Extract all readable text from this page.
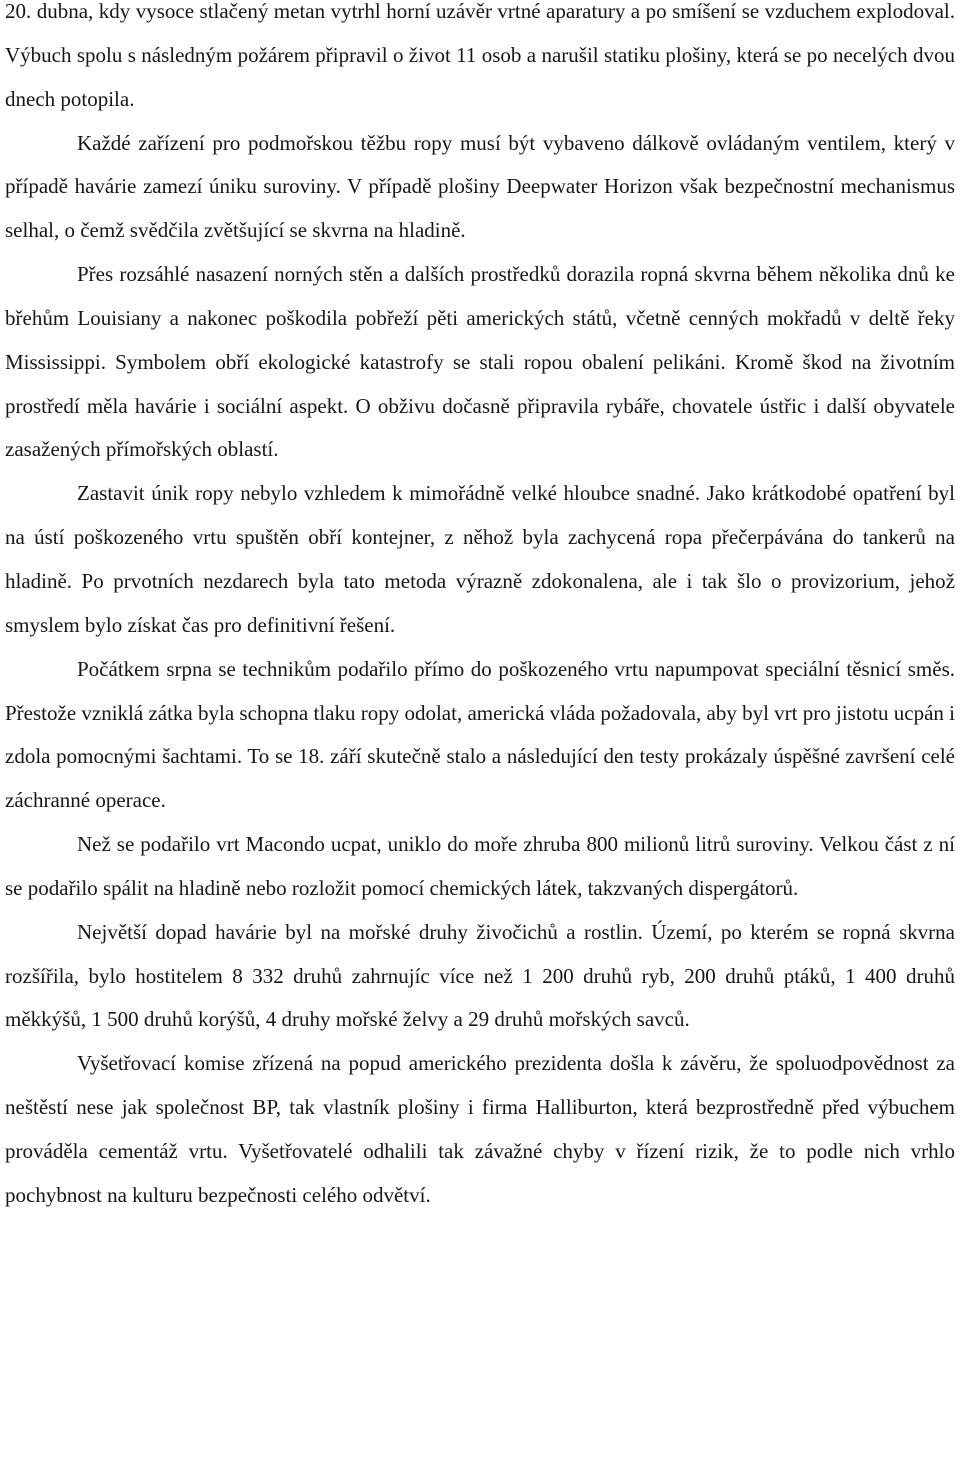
20. dubna, kdy vysoce stlačený metan vytrhl horní uzávěr vrtné aparatury a po smíšení se vzduchem explodoval. Výbuch spolu s následným požárem připravil o život 11 osob a narušil statiku plošiny, která se po necelých dvou dnech potopila.

Každé zařízení pro podmořskou těžbu ropy musí být vybaveno dálkově ovládaným ventilem, který v případě havárie zamezí úniku suroviny. V případě plošiny Deepwater Horizon však bezpečnostní mechanismus selhal, o čemž svědčila zvětšující se skvrna na hladině.

Přes rozsáhlé nasazení norných stěn a dalších prostředků dorazila ropná skvrna během několika dnů ke břehům Louisiany a nakonec poškodila pobřeží pěti amerických států, včetně cenných mokřadů v deltě řeky Mississippi. Symbolem obří ekologické katastrofy se stali ropou obalení pelikáni. Kromě škod na životním prostředí měla havárie i sociální aspekt. O obživu dočasně připravila rybáře, chovatele ústřic i další obyvatele zasažených přímořských oblastí.

Zastavit únik ropy nebylo vzhledem k mimořádně velké hloubce snadné. Jako krátkodobé opatření byl na ústí poškozeného vrtu spuštěn obří kontejner, z něhož byla zachycená ropa přečerpávána do tankerů na hladině. Po prvotních nezdarech byla tato metoda výrazně zdokonalena, ale i tak šlo o provizorium, jehož smyslem bylo získat čas pro definitivní řešení.

Počátkem srpna se technikům podařilo přímo do poškozeného vrtu napumpovat speciální těsnicí směs. Přestože vzniklá zátka byla schopna tlaku ropy odolat, americká vláda požadovala, aby byl vrt pro jistotu ucpán i zdola pomocnými šachtami. To se 18. září skutečně stalo a následující den testy prokázaly úspěšné završení celé záchranné operace.

Než se podařilo vrt Macondo ucpat, uniklo do moře zhruba 800 milionů litrů suroviny. Velkou část z ní se podařilo spálit na hladině nebo rozložit pomocí chemických látek, takzvaných dispergátorů.

Největší dopad havárie byl na mořské druhy živočichů a rostlin. Území, po kterém se ropná skvrna rozšířila, bylo hostitelem 8 332 druhů zahrnujíc více než 1 200 druhů ryb, 200 druhů ptáků, 1 400 druhů měkkýšů, 1 500 druhů korýšů, 4 druhy mořské želvy a 29 druhů mořských savců.

Vyšetřovací komise zřízená na popud amerického prezidenta došla k závěru, že spoluodpovědnost za neštěstí nese jak společnost BP, tak vlastník plošiny i firma Halliburton, která bezprostředně před výbuchem prováděla cementáž vrtu. Vyšetřovatelé odhalili tak závažné chyby v řízení rizik, že to podle nich vrhlo pochybnost na kulturu bezpečnosti celého odvětví.
